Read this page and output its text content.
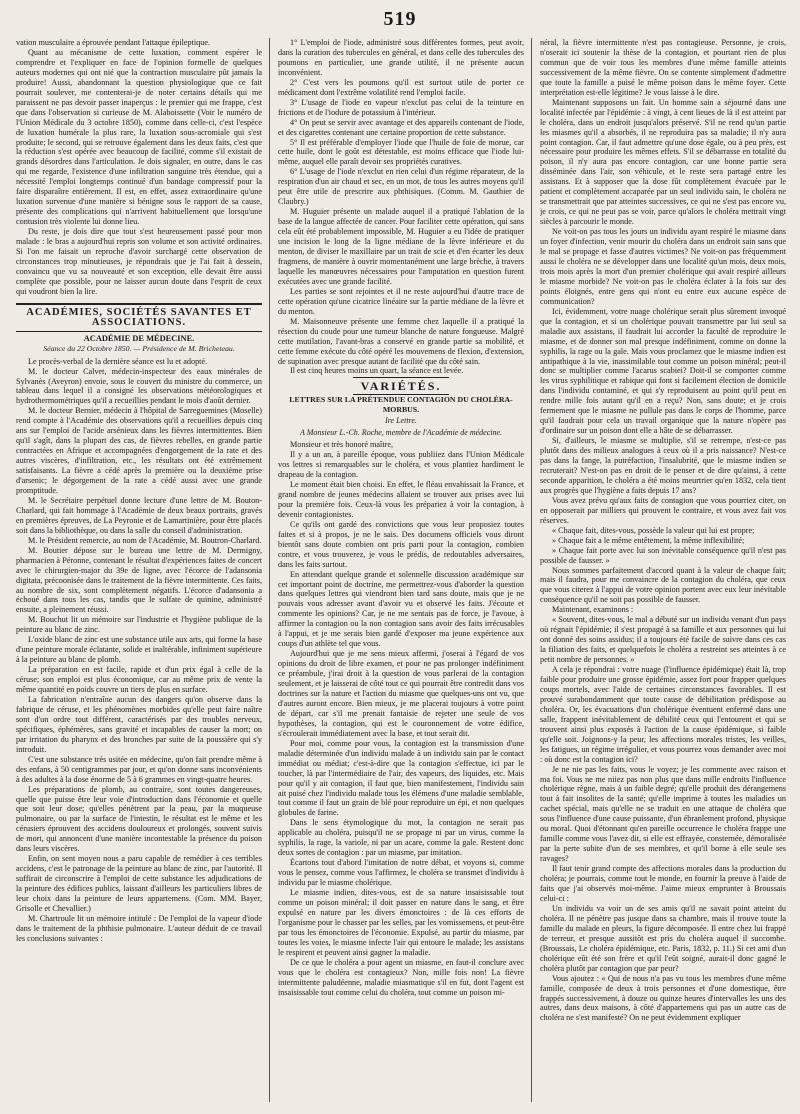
519

vation musculaire a éprouvée pendant l'attaque épileptique.

Quant au mécanisme de cette luxation, comment espérer le comprendre et l'expliquer en face de l'opinion formelle de quelques auteurs modernes qui ont nié que la contraction musculaire pût jamais la produire! Aussi, abandonnant la question physiologique que ce fait pourrait soulever, me contenterai-je de noter certains détails qui me paraissent ne pas devoir passer inaperçus : le premier qui me frappe, c'est que dans l'observation si curieuse de M. Alaboissette (Voir le numéro de l'Union Médicale du 3 octobre 1850), comme dans celle-ci, c'est l'espèce de luxation humérale la plus rare, la luxation sous-acromiale qui s'est produite; le second, qui se retrouve également dans les deux faits, c'est que la réduction s'est opérée avec beaucoup de facilité, comme s'il existait de grands désordres dans l'articulation. Je dois signaler, en outre, dans le cas qui me regarde, l'existence d'une infiltration sanguine très étendue, qui a nécessité l'emploi longtemps continué d'un bandage compressif pour la faire disparaître entièrement. Il est, en effet, assez extraordinaire qu'une luxation survenue d'une manière si bénigne sous le rapport de sa cause, présente des complications qui n'arrivent habituellement que lorsqu'une contusion très violente lui donne lieu.

Du reste, je dois dire que tout s'est heureusement passé pour mon malade : le bras a aujourd'hui repris son volume et son activité ordinaires. Si l'on me faisait un reproche d'avoir surchargé cette observation de circonstances trop minutieuses, je répondrais que je l'ai fait à dessein, convaincu que vu sa nouveauté et son exception, elle devait être aussi complète que possible, pour ne laisser aucun doute dans l'esprit de ceux qui voudront bien la lire.

ACADÉMIES, SOCIÉTÉS SAVANTES ET ASSOCIATIONS.
ACADÉMIE DE MÉDECINE.
Séance du 22 Octobre 1850. — Présidence de M. Bricheteau.

Le procès-verbal de la dernière séance est lu et adopté.

M. le docteur Calvet, médecin-inspecteur des eaux minérales de Sylvanès (Aveyron) envoie, sous le couvert du ministre du commerce, un tableau dans lequel il a consigné les observations météorologiques et hydrothermométriques qu'il a recueillies pendant le mois d'août dernier.

M. le docteur Bernier, médecin à l'hôpital de Sarreguemines (Moselle) rend compte à l'Académie des observations qu'il a recueillies depuis cinq ans sur l'emploi de l'acide arsénieux dans les fièvres intermittentes. Bien qu'il s'agît, dans la plupart des cas, de fièvres rebelles, en grande partie contractées en Afrique et accompagnées d'engorgement de la rate et des autres viscères, d'infiltration, etc., les résultats ont été extrêmement satisfaisants. La fièvre a cédé après la première ou la deuxième prise d'arsenic; le dégorgement de la rate a cédé aussi avec une grande promptitude.

M. le Secrétaire perpétuel donne lecture d'une lettre de M. Bouton-Charlard, qui fait hommage à l'Académie de deux beaux portraits, gravés en premières épreuves, de La Peyronie et de Lamartinière, pour être placés soit dans la bibliothèque, ou dans la salle du conseil d'administration.

M. le Président remercie, au nom de l'Académie, M. Boutron-Charlard.

M. Boutier dépose sur le bureau une lettre de M. Dermigny, pharmacien à Péronne, contenant le résultat d'expériences faites de concert avec le chirurgien-major du 39e de ligne, avec l'écorce de l'adansonia digitata, précoonisée dans le traitement de la fièvre intermittente. Ces faits, au nombre de six, sont complètement négatifs. L'écorce d'adansonia a échoué dans tous les cas, tandis que le sulfate de quinine, administré ensuite, a pleinement réussi.

M. Bouchut lit un mémoire sur l'industrie et l'hygiène publique de la peinture au blanc de zinc.

L'oxide blanc de zinc est une substance utile aux arts, qui forme la base d'une peinture morale éclatante, solide et inaltérable, infiniment supérieure à la peinture au blanc de plomb.

La préparation en est facile, rapide et d'un prix égal à celle de la céruse; son emploi est plus économique, car au même prix de vente la même quantité en poids couvre un tiers de plus en surface.

La fabrication n'entraîne aucun des dangers qu'on observe dans la fabrique de céruse, et les phénomènes morbides qu'elle peut faire naître sont d'un ordre tout différent, caractérisés par des troubles nerveux, spécifiques, éphémères, sans gravité et incapables de causer la mort; on par irritation du pharynx et des bronches par suite de la poussière qui s'y introduit.

C'est une substance très usitée en médecine, qu'on fait prendre même à des enfans, à 50 centigrammes par jour, et qu'on donne sans inconvénients à des adultes à la dose énorme de 5 à 6 grammes en vingt-quatre heures.

Les préparations de plomb, au contraire, sont toutes dangereuses, quelle que puisse être leur voie d'introduction dans l'économie et quelle que soit leur dose; qu'elles pénètrent par la peau, par la muqueuse pulmonaire, ou par la surface de l'intestin, le résultat est le même et les cérusiers éprouvent des accidens douloureux et prolongés, souvent suivis de mort, qui annoncent d'une manière incontestable la présence du poison dans leurs viscères.

Enfin, on sent moyen nous a paru capable de remédier à ces terribles accidens, c'est le patronage de la peinture au blanc de zinc, par l'autorité. Il suffirait de circonscrire à l'emploi de cette substance les adjudications de la peinture des édifices publics, laissant d'ailleurs les particuliers libres de leur choix dans la peinture de leurs appartemens. (Com. MM. Bayer, Grisolle et Chevallier.)

M. Chartroule lit un mémoire intitulé : De l'emploi de la vapeur d'iode dans le traitement de la phthisie pulmonaire. L'auteur déduit de ce travail les conclusions suivantes :

1° L'emploi de l'iode, administré sous différentes formes, peut avoir, dans la curation des tubercules en général, et dans celle des tubercules des poumons en particulier, une grande utilité, il ne présente aucun inconvénient.

2° C'est vers les poumons qu'il est surtout utile de porter ce médicament dont l'extrême volatilité rend l'emploi facile.

3° L'usage de l'iode en vapeur n'exclut pas celui de la teinture en frictions et de l'iodure de potassium à l'intérieur.

4° On peut se servir avec avantage et des appareils contenant de l'iode, et des cigarettes contenant une certaine proportion de cette substance.

5° Il est préférable d'employer l'iode que l'huile de foie de morue, car cette huile, dont le goût est détestable, est moins efficace que l'iode lui-même, auquel elle paraît devoir ses propriétés curatives.

6° L'usage de l'iode n'exclut en rien celui d'un régime réparateur, de la respiration d'un air chaud et sec, en un mot, de tous les autres moyens qu'il peut être utile de prescrire aux phthisiques. (Comm. M. Gauthier de Claubry.)

M. Huguier présente un malade auquel il a pratiqué l'ablation de la base de la langue affectée de cancer. Pour faciliter cette opération, qui sans cela eût été probablement impossible, M. Huguier a eu l'idée de pratiquer une incision le long de la ligne médiane de la lèvre inférieure et du menton, de diviser le maxillaire par un trait de scie et d'en écarter les deux fragmens, de manière à ouvrir momentanément une large brèche, à travers laquelle les manœuvres nécessaires pour l'amputation en question furent exécutées avec une grande facilité.

Les parties se sont rejointes et il ne reste aujourd'hui d'autre trace de cette opération qu'une cicatrice linéaire sur la partie médiane de la lèvre et du menton.

M. Maisonneuve présente une femme chez laquelle il a pratiqué la résection du coude pour une tumeur blanche de nature fongueuse. Malgré cette mutilation, l'avant-bras a conservé en grande partie sa mobilité, et cette femme exécute du côté opéré les mouvemens de flexion, d'extension, de supination avec presque autant de facilité que du côté sain.

Il est cinq heures moins un quart, la séance est levée.

VARIÉTÉS.
LETTRES SUR LA PRÉTENDUE CONTAGION DU CHOLÉRA-MORBUS.
Ire Lettre.
A Monsieur L.-Ch. Roche, membre de l'Académie de médecine.

Monsieur et très honoré maître,

Il y a un an, à pareille époque, vous publiiez dans l'Union Médicale vos lettres si remarquables sur le choléra, et vous plantiez hardiment le drapeau de la contagion.

Le moment était bien choisi. En effet, le fléau envahissait la France, et grand nombre de jeunes médecins allaient se trouver aux prises avec lui pour la première fois. Ceux-là vous les prépariez à voir la contagion, à devenir contagionistes.

Ce qu'ils ont gardé des convictions que vous leur proposiez toutes faites et si à propos, je ne le sais. Des documens officiels vous diront bientôt sans doute combien ont pris parti pour la contagion, combien contre, et vous trouverez, je vous le prédis, de redoutables adversaires, dans les faits surtout.

En attendant quelque grande et solennelle discussion académique sur cet important point de doctrine, me permettrez-vous d'aborder la question dans quelques lettres qui viendront bien tard sans doute, mais que je ne pouvais vous adresser avant d'avoir vu et observé les faits. J'écoute et commente les opinions? Car, je ne me sentais pas de force, je l'avoue, à affirmer la contagion ou la non contagion sans avoir des faits irrécusables à l'appui, et je me serais bien gardé d'exposer ma jeune expérience aux coups d'un athlète tel que vous.

Aujourd'hui que je me sens mieux affermi, j'oserai à l'égard de vos opinions du droit de libre examen, et pour ne pas prolonger indéfiniment ce préambule, j'irai droit à la question de vous parlerai de la contagion seulement, et je laisserai de côté tout ce qui pourrait être contredit dans vos doctrines sur la nature et l'action du miasme que quelques-uns ont vu, que d'autres auront encore. Bien mieux, je me placerai toujours à votre point de départ, car s'il me prenait fantaisie de rejeter une seule de vos hypothèses, la contagion, qui est le couronnement de votre édifice, s'écroulerait immédiatement avec la base, et tout serait dit.

Pour moi, comme pour vous, la contagion est la transmission d'une maladie déterminée d'un individu malade à un individu sain par le contact immédiat ou médiat; c'est-à-dire que la contagion s'effectue, ici par le toucher, là par l'intermédiaire de l'air, des vapeurs, des liquides, etc. Mais pour qu'il y ait contagion, il faut que, bien manifestement, l'individu sain ait puisé chez l'individu malade tous les élémens d'une maladie semblable, tout comme il faut un grain de blé pour reproduire un épi, et non quelques globules de farine.

Dans le sens étymologique du mot, la contagion ne serait pas applicable au choléra, puisqu'il ne se propage ni par un virus, comme la syphilis, la rage, la variole, ni par un acare, comme la gale. Restent donc deux sortes de contagion : par un miasme, par imitation.

Écartons tout d'abord l'imitation de notre débat, et voyons si, comme vous le pensez, comme vous l'affirmez, le choléra se transmet d'individu à individu par le miasme cholérique.

Le miasme indien, dites-vous, est de sa nature insaisissable tout comme un poison minéral; il doit passer en nature dans le sang, et être expulsé en nature par les divers émonctoires : de là ces efforts de l'organisme pour le chasser par les selles, par les vomissemens, et peut-être par tous les émonctoires de l'économie. Expulsé, au partir du miasme, par toutes les voies, le miasme infecte l'air qui entoure le malade; les assistans le respirent et peuvent ainsi gagner la maladie.

De ce que le choléra a pour agent un miasme, en faut-il conclure avec vous que le choléra est contagieux? Non, mille fois non! La fièvre intermittente paludéenne, maladie miasmatique s'il en fut, dont l'agent est insaisissable tout comme celui du choléra, tout comme un poison mi-

néral, la fièvre intermittente n'est pas contagieuse. Personne, je crois, n'oserait ici soutenir la thèse de la contagion, et pourtant rien de plus commun que de voir tous les membres d'une même famille atteints successivement de la même fièvre. On se contente simplement d'admettre que toute la famille a puisé le même poison dans le même foyer. Cette interprétation est-elle légitime? Je vous laisse à le dire.

Maintenant supposons un fait. Un homme sain a séjourné dans une localité infectée par l'épidémie : à vingt, à cent lieues de là il est atteint par le choléra, dans un endroit jusqu'alors préservé. S'il ne rend qu'un partie les miasmes qu'il a absorbés, il ne reproduira pas sa maladie; il n'y aura point contagion. Car, il faut admettre qu'une dose égale, ou à peu près, est nécessaire pour produire les mêmes effets. S'il se débarrasse en totalité du poison, il n'y aura pas encore contagion, car une bonne partie sera disséminée dans l'air, son véhicule, et le reste sera partagé entre les assistans. Et à supposer que la dose fût complètement évacuée par le patient et complètement accaparée par un seul individu sain, le choléra ne se transmettrait que par atteintes successives, ce qui ne s'est pas encore vu, je crois, ce qui ne peut pas se voir, parce qu'alors le choléra mettrait vingt siècles à parcourir le monde.

Ne voit-on pas tous les jours un individu ayant respiré le miasme dans un foyer d'infection, venir mourir du choléra dans un endroit sain sans que le mal se propage et fasse d'autres victimes? Ne voit-on pas fréquemment aussi le choléra ne se développer dans une localité qu'un mois, deux mois, trois mois après la mort d'un premier cholérique qui avait respiré ailleurs le miasme morbide? Ne voit-on pas le choléra éclater à la fois sur des points éloignés, entre gens qui n'ont eu entre eux aucune espèce de communication?

Ici, évidemment, votre nuage cholérique serait plus sûrement invoqué que la contagion, et si un cholérique pouvait transmettre par lui seul sa maladie aux assistans, il faudrait lui accorder la faculté de reproduire le miasme, et de donner son mal presque indéfiniment, comme on donne la syphilis, la rage ou la gale. Mais vous proclamez que le miasme indien est antipathique à la vie, inassimilable tout comme un poison minéral; peut-il donc se multiplier comme l'acarus scabiei? Doit-il se comporter comme les virus syphilitique et rabique qui font si facilement élection de domicile dans l'individu contaminé, et qui s'y reproduisent au point qu'il peut en rendre mille fois autant qu'il en a reçu? Non, sans doute; et je crois fermement que le miasme ne pullule pas dans le corps de l'homme, parce qu'il faudrait pour cela un travail organique que la nature n'opère pas d'ordinaire sur un poison dont elle a hâte de se débarrasser.

Si, d'ailleurs, le miasme se multiplie, s'il se retrempe, n'est-ce pas plutôt dans des milieux analogues à ceux où il a pris naissance? N'est-ce pas dans la fange, la putréfaction, l'insalubrité, que le miasme indien se recruterait? N'est-on pas en droit de le penser et de dire qu'ainsi, à cette seconde apparition, le choléra a été moins meurtrier qu'en 1832, cela tient aux progrès que l'hygiène a faits depuis 17 ans?

Vous avez prévu qu'aux faits de contagion que vous pourriez citer, on en opposerait par milliers qui prouvent le contraire, et vous avez fait vos réserves.

« Chaque fait, dites-vous, possède la valeur qui lui est propre;

» Chaque fait a le même entêtement, la même inflexibilité;

» Chaque fait porte avec lui son inévitable conséquence qu'il n'est pas possible de fausser. »

Nous sommes parfaitement d'accord quant à la valeur de chaque fait; mais il faudra, pour me convaincre de la contagion du choléra, que ceux que vous citerez à l'appui de votre opinion portent avec eux leur inévitable conséquence qu'il ne soit pas possible de fausser.

Maintenant, examinons :

« Souvent, dites-vous, le mal a débuté sur un individu venant d'un pays où régnait l'épidémie; il s'est propagé à sa famille et aux personnes qui lui ont donné des soins assidus; il a toujours été facile de suivre dans ces cas la filiation des faits, et quelquefois le choléra a restreint ses atteintes à ce petit nombre de personnes. »

A cela je répondrai : votre nuage (l'influence épidémique) était là, trop faible pour produire une grosse épidémie, assez fort pour frapper quelques coups mortels, avec l'aide de certaines circonstances favorables. Il est prouvé surabondamment que toute cause de débilitation prédispose au choléra. Or, les évacuations d'un cholérique éventuent enfermé dans une salle, frappent inévitablement de débilité ceux qui l'entourent et qui se trouvent ainsi plus exposés à l'action de la cause épidémique, si faible qu'elle soit. Joignons-y la peur, les affections morales tristes, les veilles, les fatigues, un régime irrégulier, et vous pourrez vous demander avec moi : où donc est la contagion ici?

Je ne nie pas les faits, vous le voyez; je les commente avec raison et ma foi. Vous ne me niiez pas non plus que dans mille endroits l'influence cholérique règne, mais à un faible degré; qu'elle produit des dérangemens tout à fait insolites de la santé; qu'elle imprime à toutes les maladies un cachet spécial, mais qu'elle ne se traduit en une attaque de choléra que sous l'influence d'une cause puissante, d'un ébranlement profond, physique ou moral. Quoi d'étonnant qu'en pareille occurrence le choléra frappe une famille comme vous l'avez dit, si elle est effrayée, consternée, démoralisée par la perte subite d'un de ses membres, et qu'il borne à elle seule ses ravages?

Il faut tenir grand compte des affections morales dans la production du choléra; je pourrais, comme tout le monde, en fournir la preuve à l'aide de faits que j'ai observés moi-même. J'aime mieux emprunter à Broussais celui-ci :

Un individu va voir un de ses amis qu'il ne savait point atteint du choléra. Il ne pénètre pas jusque dans sa chambre, mais il trouve toute la famille du malade en pleurs, la figure décomposée. Il entre chez lui frappé de terreur, et presque aussitôt est pris du choléra auquel il succombe. (Broussais, Le choléra épidémique, etc. Paris, 1832, p. 11.) Si cet ami d'un cholérique eût été son frère et qu'il l'eût soigné, aurait-il donc gagné le choléra plutôt par contagion que par peur?

Vous ajoutez : « Qui de nous n'a pas vu tous les membres d'une même famille, composée de deux à trois personnes et d'une domestique, être frappés successivement, à douze ou quinze heures d'intervalles les uns des autres, dans deux maisons, à côté d'appartemens qui pas un autre cas de choléra ne s'est manifesté? On ne peut évidemment expliquer
